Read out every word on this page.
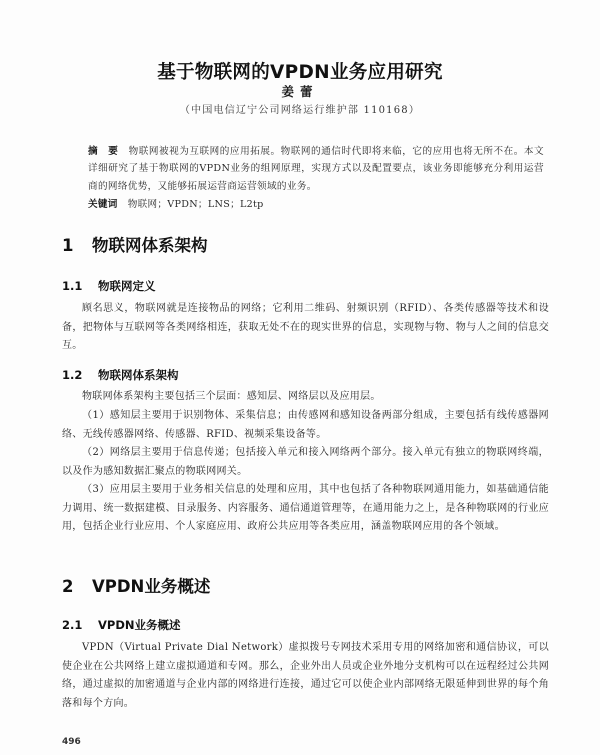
基于物联网的VPDN业务应用研究
姜蕾
（中国电信辽宁公司网络运行维护部 110168）
摘　要  物联网被视为互联网的应用拓展。物联网的通信时代即将来临，它的应用也将无所不在。本文详细研究了基于物联网的VPDN业务的组网原理，实现方式以及配置要点，该业务即能够充分利用运营商的网络优势，又能够拓展运营商运营领域的业务。
关键词 物联网；VPDN；LNS；L2tp
1 物联网体系架构
1.1 物联网定义
顾名思义，物联网就是连接物品的网络；它利用二维码、射频识别（RFID）、各类传感器等技术和设备，把物体与互联网等各类网络相连，获取无处不在的现实世界的信息，实现物与物、物与人之间的信息交互。
1.2 物联网体系架构
物联网体系架构主要包括三个层面：感知层、网络层以及应用层。
（1）感知层主要用于识别物体、采集信息；由传感网和感知设备两部分组成，主要包括有线传感器网络、无线传感器网络、传感器、RFID、视频采集设备等。
（2）网络层主要用于信息传递；包括接入单元和接入网络两个部分。接入单元有独立的物联网终端，以及作为感知数据汇聚点的物联网网关。
（3）应用层主要用于业务相关信息的处理和应用，其中也包括了各种物联网通用能力，如基础通信能力调用、统一数据建模、目录服务、内容服务、通信通道管理等，在通用能力之上，是各种物联网的行业应用，包括企业行业应用、个人家庭应用、政府公共应用等各类应用，涵盖物联网应用的各个领域。
2 VPDN业务概述
2.1 VPDN业务概述
VPDN（Virtual Private Dial Network）虚拟拨号专网技术采用专用的网络加密和通信协议，可以使企业在公共网络上建立虚拟通道和专网。那么，企业外出人员或企业外地分支机构可以在远程经过公共网络，通过虚拟的加密通道与企业内部的网络进行连接，通过它可以使企业内部网络无限延伸到世界的每个角落和每个方向。
496
